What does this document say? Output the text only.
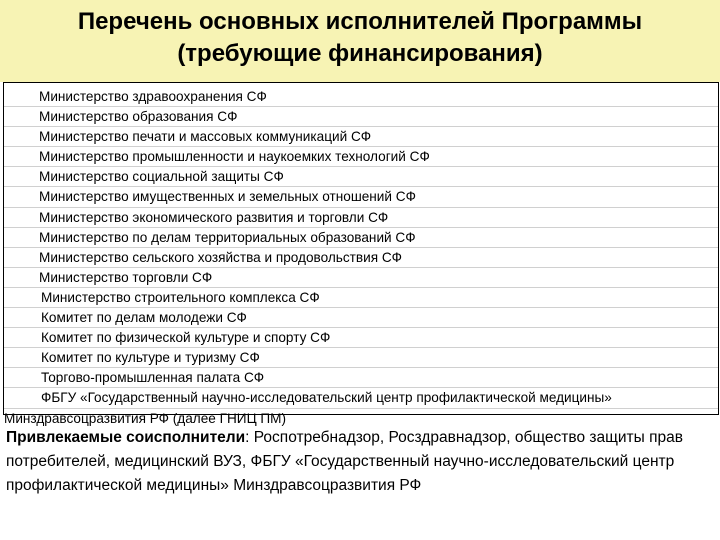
Перечень основных исполнителей Программы
(требующие финансирования)
Министерство здравоохранения СФ
Министерство образования СФ
Министерство печати и массовых коммуникаций СФ
Министерство промышленности и наукоемких технологий СФ
Министерство социальной защиты СФ
Министерство имущественных и земельных отношений СФ
Министерство экономического развития и торговли СФ
Министерство по делам территориальных образований СФ
Министерство сельского хозяйства и продовольствия СФ
Министерство торговли СФ
Министерство строительного комплекса СФ
Комитет по делам молодежи СФ
Комитет по физической культуре и спорту СФ
Комитет по культуре и туризму СФ
Торгово-промышленная палата СФ
ФБГУ «Государственный научно-исследовательский центр профилактической медицины»
Минздравсоцразвития РФ (далее ГНИЦ ПМ)

Привлекаемые соисполнители: Роспотребнадзор, Росздравнадзор, общество защиты прав потребителей, медицинский ВУЗ, ФБГУ «Государственный научно-исследовательский центр профилактической медицины» Минздравсоцразвития РФ
